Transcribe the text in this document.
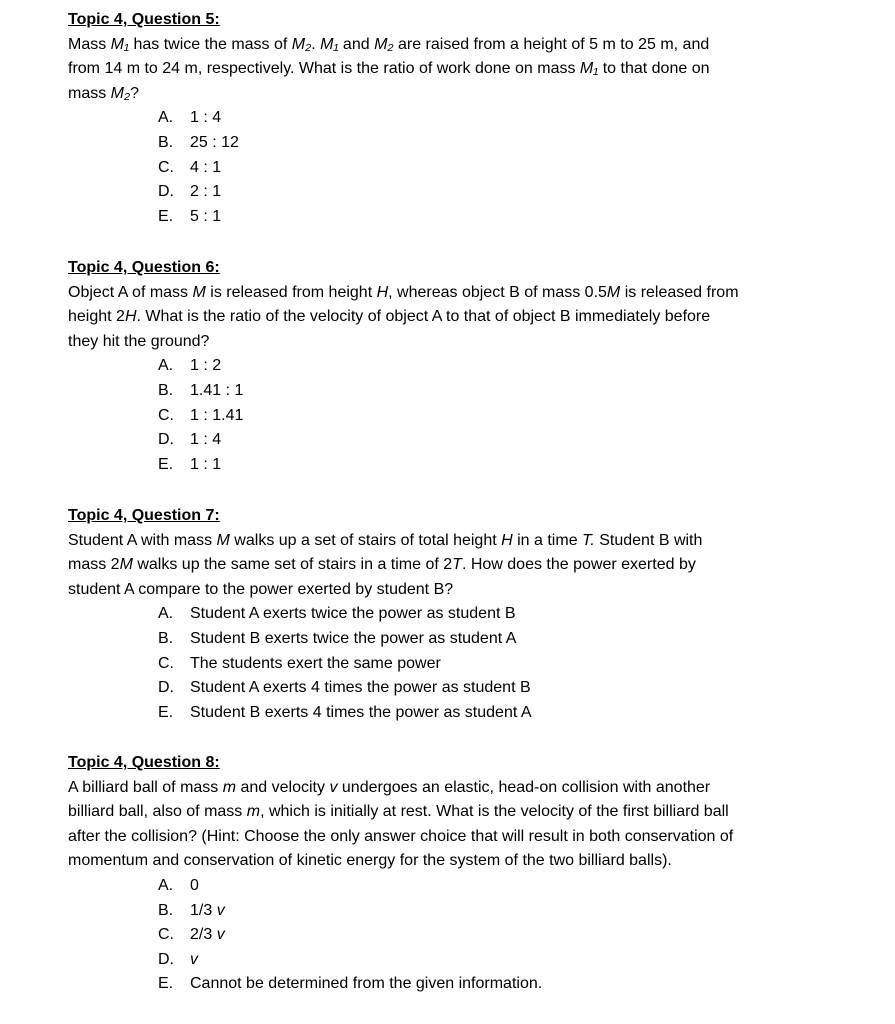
Topic 4, Question 5:
Mass M₁ has twice the mass of M₂. M₁ and M₂ are raised from a height of 5 m to 25 m, and
from 14 m to 24 m, respectively. What is the ratio of work done on mass M₁ to that done on
mass M₂?
A. 1 : 4
B. 25 : 12
C. 4 : 1
D. 2 : 1
E. 5 : 1
Topic 4, Question 6:
Object A of mass M is released from height H, whereas object B of mass 0.5M is released from
height 2H. What is the ratio of the velocity of object A to that of object B immediately before
they hit the ground?
A. 1 : 2
B. 1.41 : 1
C. 1 : 1.41
D. 1 : 4
E. 1 : 1
Topic 4, Question 7:
Student A with mass M walks up a set of stairs of total height H in a time T. Student B with
mass 2M walks up the same set of stairs in a time of 2T. How does the power exerted by
student A compare to the power exerted by student B?
A. Student A exerts twice the power as student B
B. Student B exerts twice the power as student A
C. The students exert the same power
D. Student A exerts 4 times the power as student B
E. Student B exerts 4 times the power as student A
Topic 4, Question 8:
A billiard ball of mass m and velocity v undergoes an elastic, head-on collision with another
billiard ball, also of mass m, which is initially at rest. What is the velocity of the first billiard ball
after the collision? (Hint: Choose the only answer choice that will result in both conservation of
momentum and conservation of kinetic energy for the system of the two billiard balls).
A. 0
B. 1/3 v
C. 2/3 v
D. v
E. Cannot be determined from the given information.
